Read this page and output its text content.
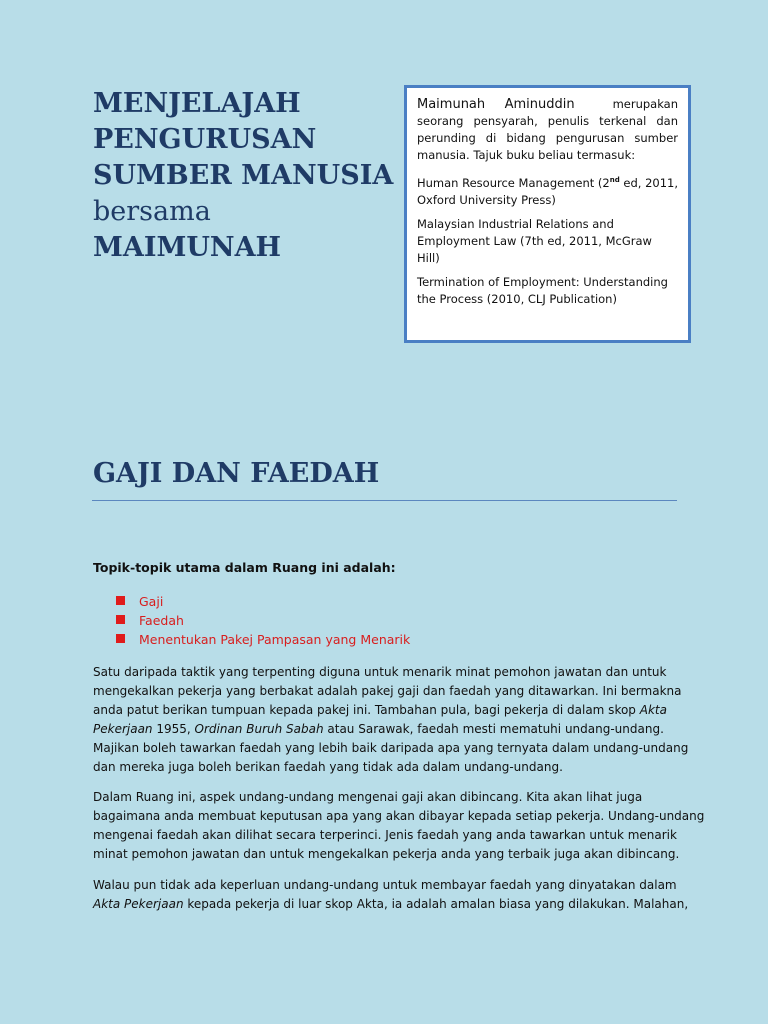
MENJELAJAH
PENGURUSAN
SUMBER MANUSIA
bersama
MAIMUNAH

Maimunah Aminuddin	merupakan seorang pensyarah, penulis terkenal dan perunding di bidang pengurusan sumber manusia. Tajuk buku beliau termasuk:

Human Resource Management (2nd ed, 2011, Oxford University Press)

Malaysian Industrial Relations and Employment Law (7th ed, 2011, McGraw Hill)

Termination of Employment: Understanding the Process (2010, CLJ Publication)

GAJI DAN FAEDAH
Topik-topik utama dalam Ruang ini adalah:
Gaji
Faedah
Menentukan Pakej Pampasan yang Menarik
Satu daripada taktik yang terpenting diguna untuk menarik minat pemohon jawatan dan untuk
mengekalkan pekerja yang berbakat adalah pakej gaji dan faedah yang ditawarkan. Ini bermakna
anda patut berikan tumpuan kepada pakej ini. Tambahan pula, bagi pekerja di dalam skop Akta
Pekerjaan 1955, Ordinan Buruh Sabah atau Sarawak, faedah mesti mematuhi undang-undang.
Majikan boleh tawarkan faedah yang lebih baik daripada apa yang ternyata dalam undang-undang
dan mereka juga boleh berikan faedah yang tidak ada dalam undang-undang.
Dalam Ruang ini, aspek undang-undang mengenai gaji akan dibincang. Kita akan lihat juga
bagaimana anda membuat keputusan apa yang akan dibayar kepada setiap pekerja. Undang-undang
mengenai faedah akan dilihat secara terperinci. Jenis faedah yang anda tawarkan untuk menarik
minat pemohon jawatan dan untuk mengekalkan pekerja anda yang terbaik juga akan dibincang.
Walau pun tidak ada keperluan undang-undang untuk membayar faedah yang dinyatakan dalam
Akta Pekerjaan kepada pekerja di luar skop Akta, ia adalah amalan biasa yang dilakukan. Malahan,
